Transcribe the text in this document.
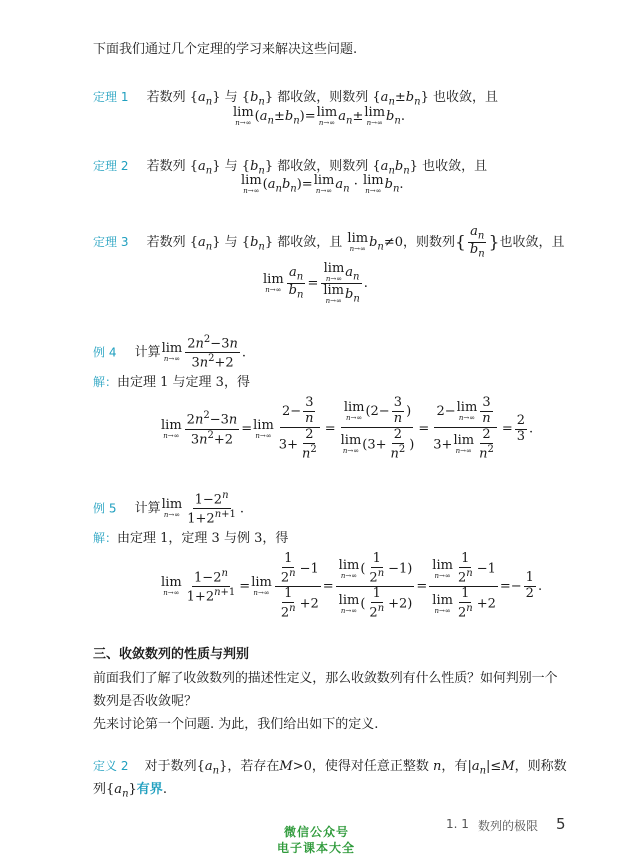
下面我们通过几个定理的学习来解决这些问题.
定理 1 若数列 $\{a_n\}$ 与 $\{b_n\}$ 都收敛，则数列 $\{a_n\pm b_n\}$ 也收敛，且
lim
n→∞ $(a_n\pm b_n)= \lim$
n→∞ $a_n\pm \lim$
n→∞ $b_n$.
定理 2 若数列 $\{a_n\}$ 与 $\{b_n\}$ 都收敛，则数列 $\{a_nb_n\}$ 也收敛，且
lim
n→∞ $(a_nb_n)= \lim$
n→∞ $a_n \cdot \lim$
n→∞ $b_n$.
定理 3 若数列 $\{a_n\}$ 与 $\{b_n\}$ 都收敛，且 lim
n→∞ $b_n\ne 0$，则数列{ $\frac{a_n}{b_n}$ }也收敛，且
lim
$n\to\infty \frac{a_n}{b_n} = \lim$
n→∞ $a_n$
lim
n→∞ $b_n$ .
例 4 计算 lim
$n\to\infty \frac{2n^2-3n}{3n^2+2}$ .
解：由定理 1 与定理 3，得
lim
$n\to\infty \frac{2n^2-3n}{3n^2+2} = \lim$
$n\to\infty \frac{2- \frac{3}{n}}{3+ \frac{2}{n^2}} = \lim$
n→∞ ($2- \frac{3}{n}$ )
lim
n→∞ ($3+ \frac{2}{n^2}$ ) = 2− lim
$n\to\infty \frac{3}{n}$
3+ lim
$n\to\infty \frac{2}{n^2} = \frac{2}{3}$ .
例 5 计算 lim
$n\to\infty \frac{1-2^n}{1+2^{n+1}}$ .
解：由定理 1，定理 3 与例 3，得
lim
$n\to\infty \frac{1-2^n}{1+2^{n+1}} = \lim$
$n\to\infty \frac{\frac{1}{2^n} -1}{\frac{1}{2^n} +2} = \lim$
n→∞ ( $\frac{1}{2^n} -1$)
lim
n→∞ ( $\frac{1}{2^n} +2) = \lim$
$n\to\infty \frac{1}{2^n} -1$
lim
$n\to\infty \frac{1}{2^n} +2 =- \frac{1}{2}$ .
三、收敛数列的性质与判别
前面我们了解了收敛数列的描述性定义，那么收敛数列有什么性质？如何判别一个
数列是否收敛呢？
先来讨论第一个问题. 为此，我们给出如下的定义.
定义 2 对于数列$\{a_n\}$，若存在M>0，使得对任意正整数 n，有$|a_n|\le M$，则称数
列$\{a_n\}$有界.
1. 1 数列的极限 5
微信公众号
电子课本大全
